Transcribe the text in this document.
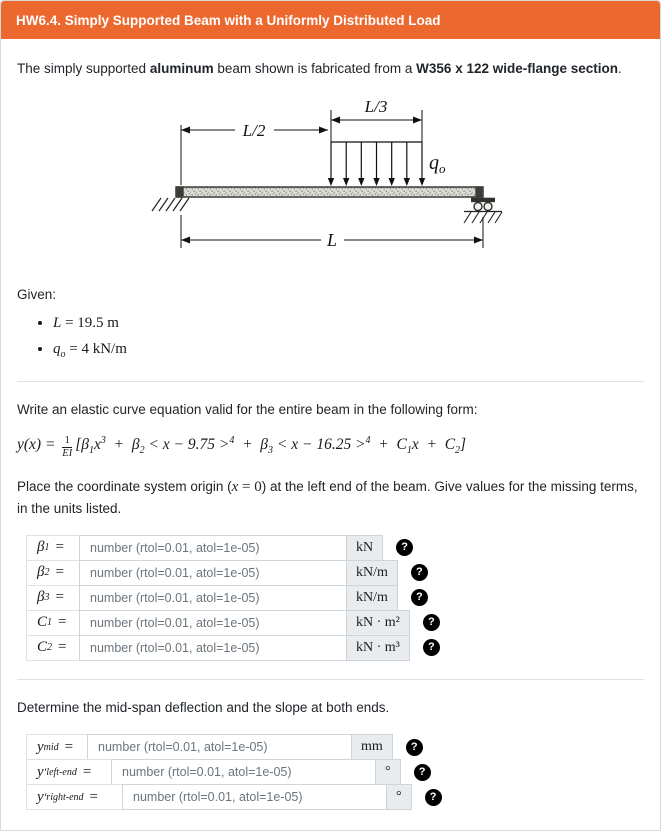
HW6.4. Simply Supported Beam with a Uniformly Distributed Load

The simply supported aluminum beam shown is fabricated from a W356 x 122 wide-flange section.

L/2
L/3
$q_o$
L

Given:

• L = 19.5 m
• $q_o = 4$ kN/m

Write an elastic curve equation valid for the entire beam in the following form:

$y(x) = \frac{1}{EI} [\beta_1x^3$ + $\beta_2 < x - 9.75 >^4$ + $\beta_3 < x - 16.25 >^4$ + $C_1x$ + $C_2$]

Place the coordinate system origin (x = 0) at the left end of the beam. Give values for the missing terms, in the units listed.

β 1 =
number (rtol=0.01, atol=1e-05)	kN	?
β 2 =
number (rtol=0.01, atol=1e-05)	kN/m	?
β 3 =
number (rtol=0.01, atol=1e-05)	kN/m	?
C 1 =
number (rtol=0.01, atol=1e-05)	kN · m²	?
C 2 =
number (rtol=0.01, atol=1e-05)	kN · m³	?

Determine the mid-span deflection and the slope at both ends.

y mid =
number (rtol=0.01, atol=1e-05)	mm	?
y ′ left-end =
number (rtol=0.01, atol=1e-05)	°	?
y ′ right-end =
number (rtol=0.01, atol=1e-05)	°	?
